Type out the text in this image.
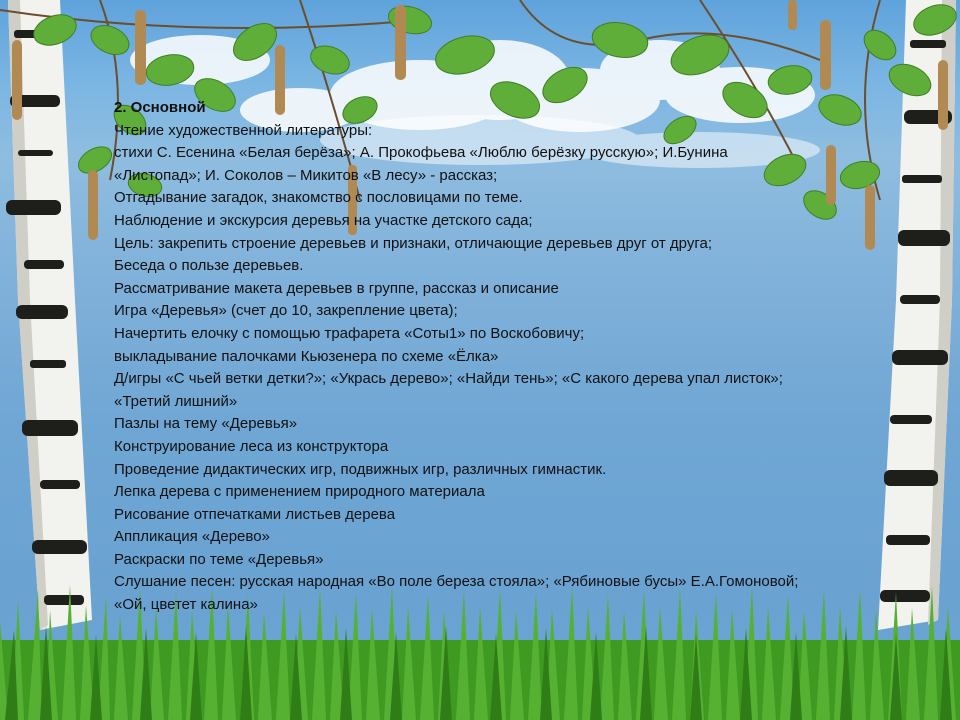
2. Основной
Чтение художественной литературы:
стихи С. Есенина «Белая берёза»; А. Прокофьева «Люблю берёзку русскую»; И.Бунина
«Листопад»; И. Соколов – Микитов «В лесу» - рассказ;
Отгадывание загадок, знакомство с пословицами по теме.
Наблюдение и экскурсия деревья на участке детского сада;
Цель: закрепить строение деревьев и признаки, отличающие деревьев друг от друга;
Беседа о пользе деревьев.
Рассматривание макета деревьев в группе, рассказ и описание
Игра «Деревья» (счет до 10, закрепление цвета);
Начертить елочку с помощью трафарета «Соты1» по Воскобовичу;
выкладывание палочками Кьюзенера по схеме «Ёлка»
Д/игры «С чьей ветки детки?»; «Укрась дерево»; «Найди тень»; «С какого дерева упал листок»;
«Третий лишний»
Пазлы на тему «Деревья»
Конструирование леса из конструктора
Проведение дидактических игр, подвижных игр, различных гимнастик.
Лепка дерева с применением природного материала
Рисование отпечатками листьев дерева
Аппликация «Дерево»
Раскраски по теме «Деревья»
Слушание песен: русская народная «Во поле береза стояла»; «Рябиновые бусы» Е.А.Гомоновой;
«Ой, цветет калина»
